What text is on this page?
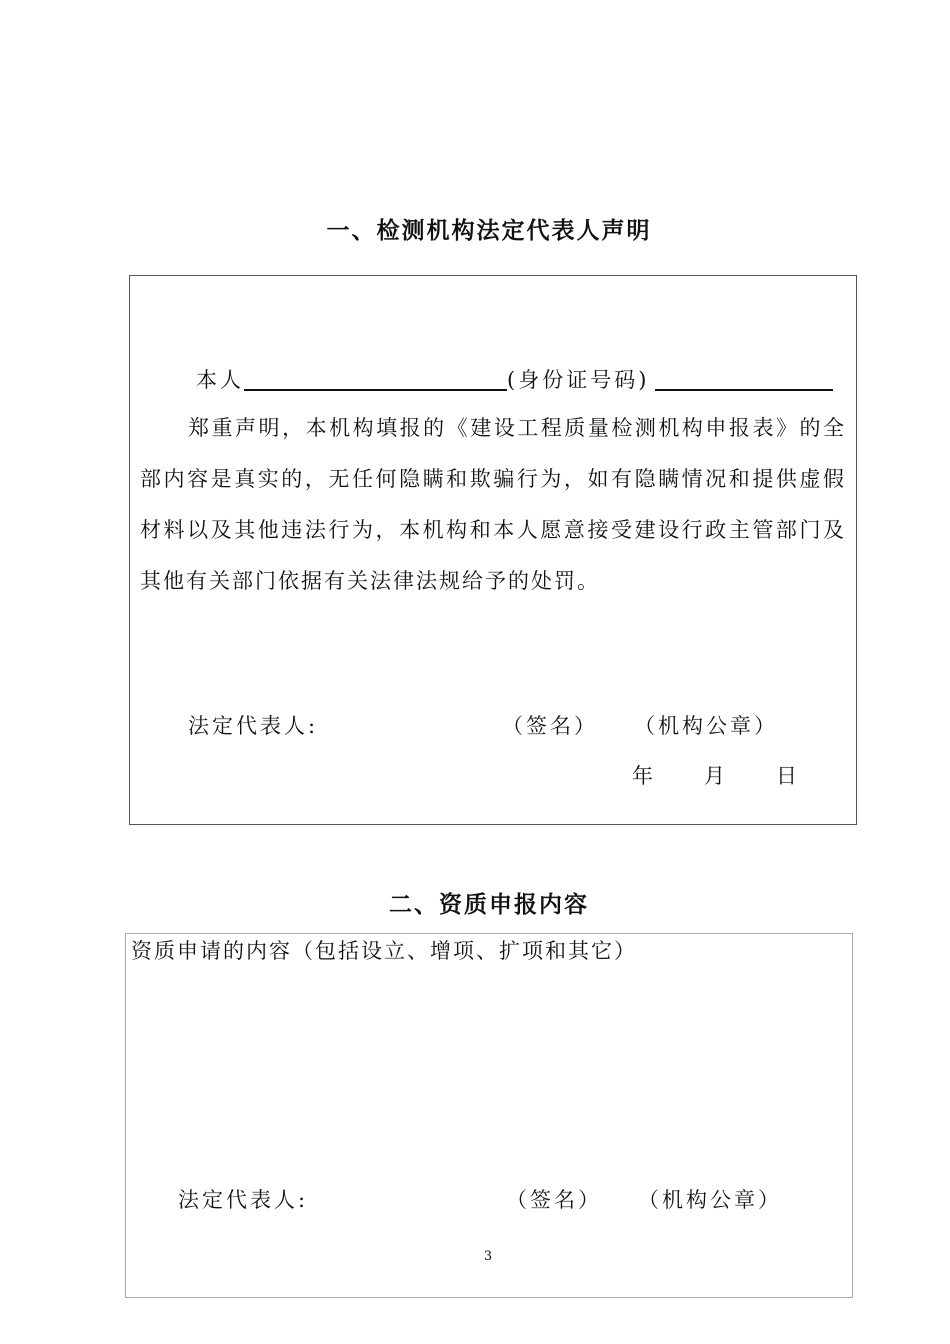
一、检测机构法定代表人声明
本人	(身份证号码)
郑重声明，本机构填报的《建设工程质量检测机构申报表》的全部内容是真实的，无任何隐瞒和欺骗行为，如有隐瞒情况和提供虚假材料以及其他违法行为，本机构和本人愿意接受建设行政主管部门及其他有关部门依据有关法律法规给予的处罚。
法定代表人:	（签名） （机构公章）
年 月 日
二、资质申报内容
资质申请的内容（包括设立、增项、扩项和其它）
法定代表人:	（签名） （机构公章）
3
